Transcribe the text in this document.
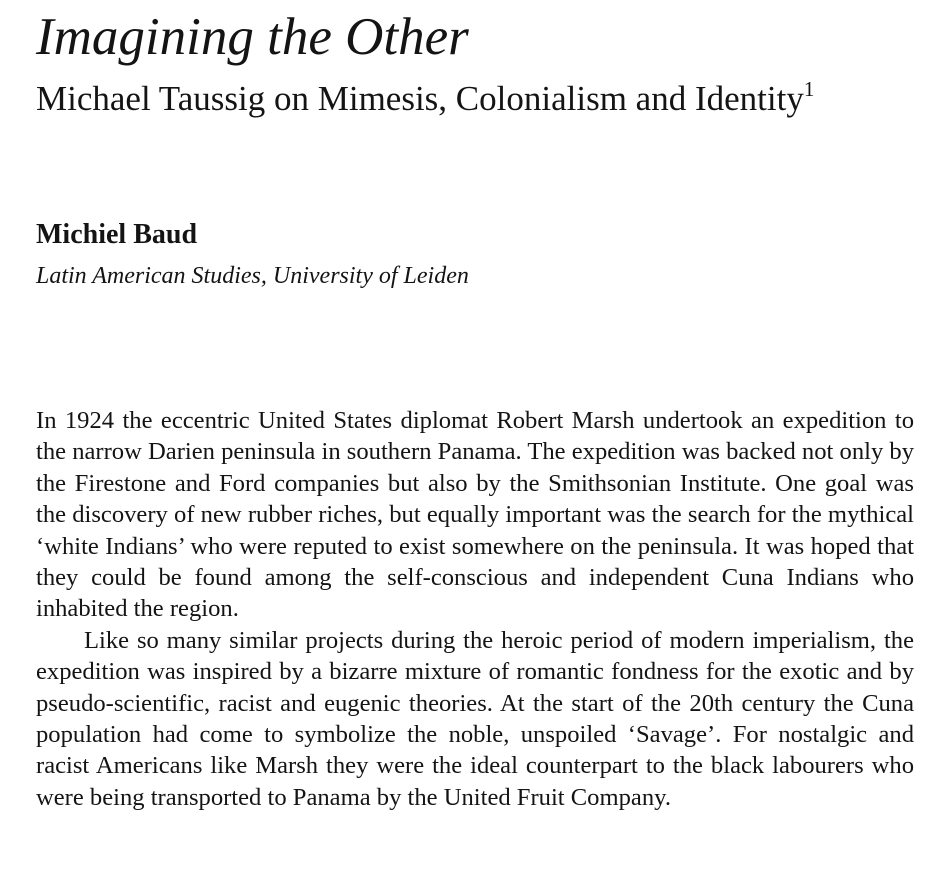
Imagining the Other
Michael Taussig on Mimesis, Colonialism and Identity$^1$
Michiel Baud
Latin American Studies, University of Leiden

In 1924 the eccentric United States diplomat Robert Marsh undertook an expedition to the narrow Darien peninsula in southern Panama. The expedition was backed not only by the Firestone and Ford companies but also by the Smithsonian Institute. One goal was the discovery of new rubber riches, but equally important was the search for the mythical ‘white Indians’ who were reputed to exist somewhere on the peninsula. It was hoped that they could be found among the self-conscious and independent Cuna Indians who inhabited the region.

Like so many similar projects during the heroic period of modern imperialism, the expedition was inspired by a bizarre mixture of romantic fondness for the exotic and by pseudo-scientific, racist and eugenic theories. At the start of the 20th century the Cuna population had come to symbolize the noble, unspoiled ‘Savage’. For nostalgic and racist Americans like Marsh they were the ideal counterpart to the black labourers who were being transported to Panama by the United Fruit Company.
